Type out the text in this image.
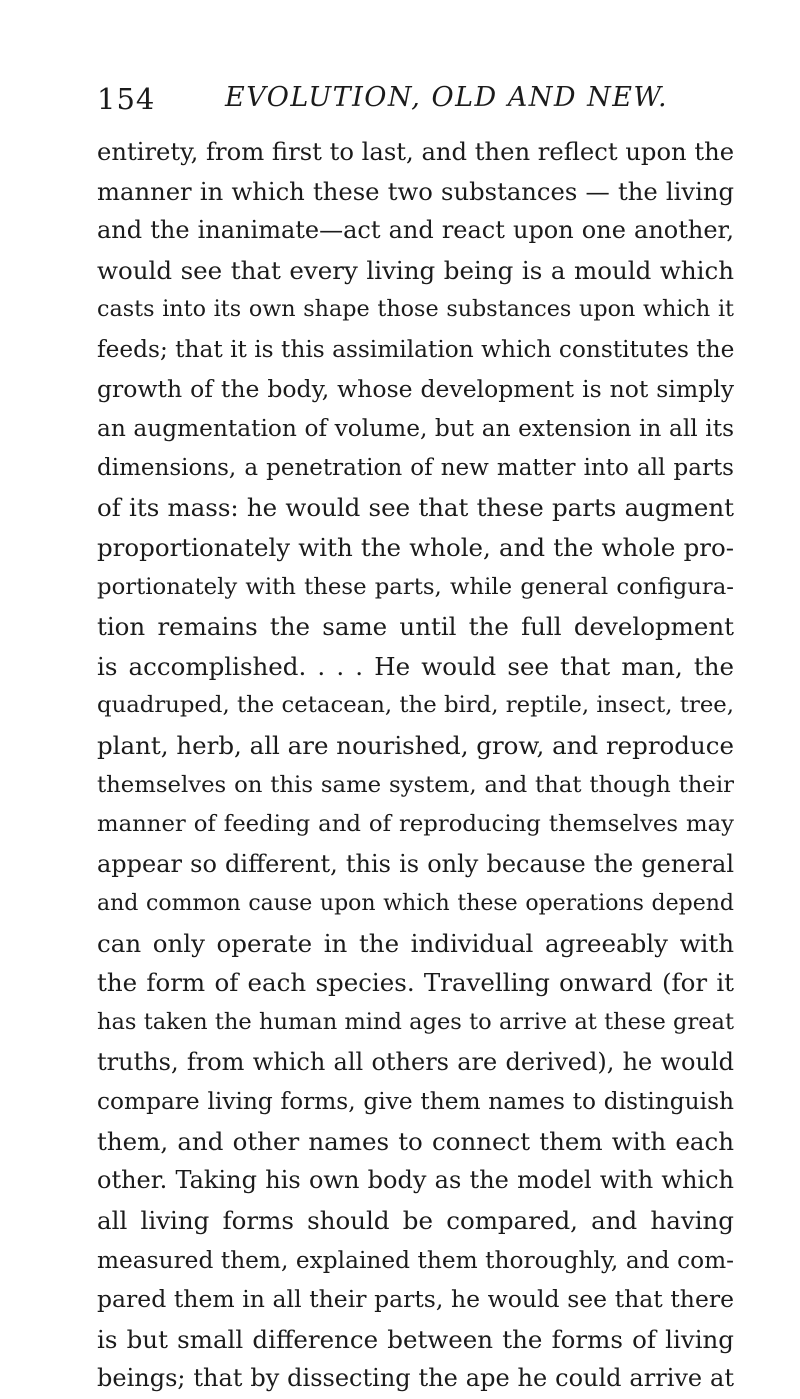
154	EVOLUTION, OLD AND NEW.
entirety, from first to last, and then reflect upon the
manner in which these two substances — the living
and the inanimate—act and react upon one another,
would see that every living being is a mould which
casts into its own shape those substances upon which it
feeds; that it is this assimilation which constitutes the
growth of the body, whose development is not simply
an augmentation of volume, but an extension in all its
dimensions, a penetration of new matter into all parts
of its mass: he would see that these parts augment
proportionately with the whole, and the whole pro-
portionately with these parts, while general configura-
tion remains the same until the full development
is accomplished. . . . He would see that man, the
quadruped, the cetacean, the bird, reptile, insect, tree,
plant, herb, all are nourished, grow, and reproduce
themselves on this same system, and that though their
manner of feeding and of reproducing themselves may
appear so different, this is only because the general
and common cause upon which these operations depend
can only operate in the individual agreeably with
the form of each species. Travelling onward (for it
has taken the human mind ages to arrive at these great
truths, from which all others are derived), he would
compare living forms, give them names to distinguish
them, and other names to connect them with each
other. Taking his own body as the model with which
all living forms should be compared, and having
measured them, explained them thoroughly, and com-
pared them in all their parts, he would see that there
is but small difference between the forms of living
beings; that by dissecting the ape he could arrive at
